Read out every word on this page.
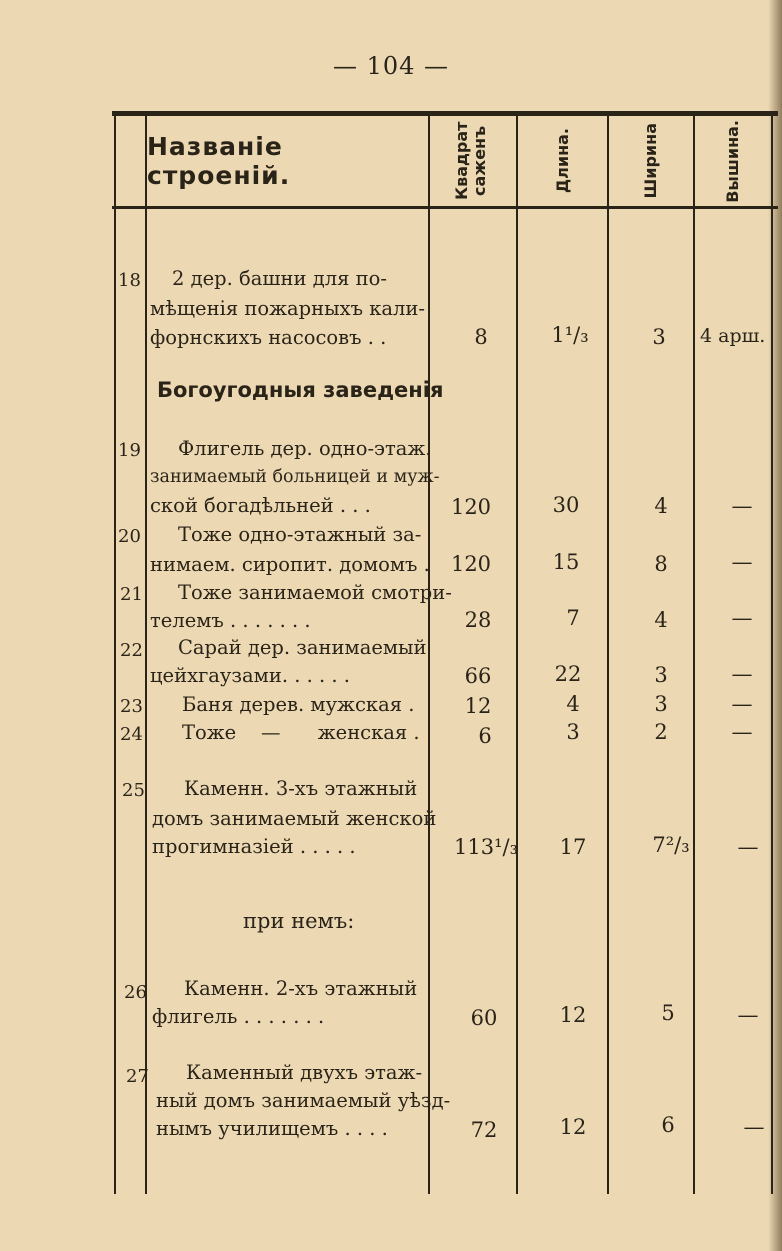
— 104 —
Названіе строеній.	Квадрат саженъ	Длина.	Ширина	Вышина.
18 2 дер. башни для по-
мѣщенія пожарныхъ кали-
форнскихъ насосовъ . .	8	1¹/₃	3	4 арш.
Богоугодныя заведенія
19 Флигель дер. одно-этаж.
занимаемый больницей и муж-
ской богадѣльней . . .	120	30	4	—
20 Тоже одно-этажный за-
нимаем. сиропит. домомъ .	120	15	8	—
21 Тоже занимаемой смотри-
телемъ . . . . . . .	28	7	4	—
22 Сарай дер. занимаемый
цейхгаузами. . . . . .	66	22	3	—
23 Баня дерев. мужская .	12	4	3	—
24 Тоже    —      женская .	6	3	2	—
25 Каменн. 3-хъ этажный
домъ занимаемый женской
прогимназіей . . . . .	113¹/₃	17	7²/₃	—
при немъ:
26 Каменн. 2-хъ этажный
флигель . . . . . . .	60	12	5	—
27 Каменный двухъ этаж-
ный домъ занимаемый уѣзд-
нымъ училищемъ . . . .	72	12	6	—
